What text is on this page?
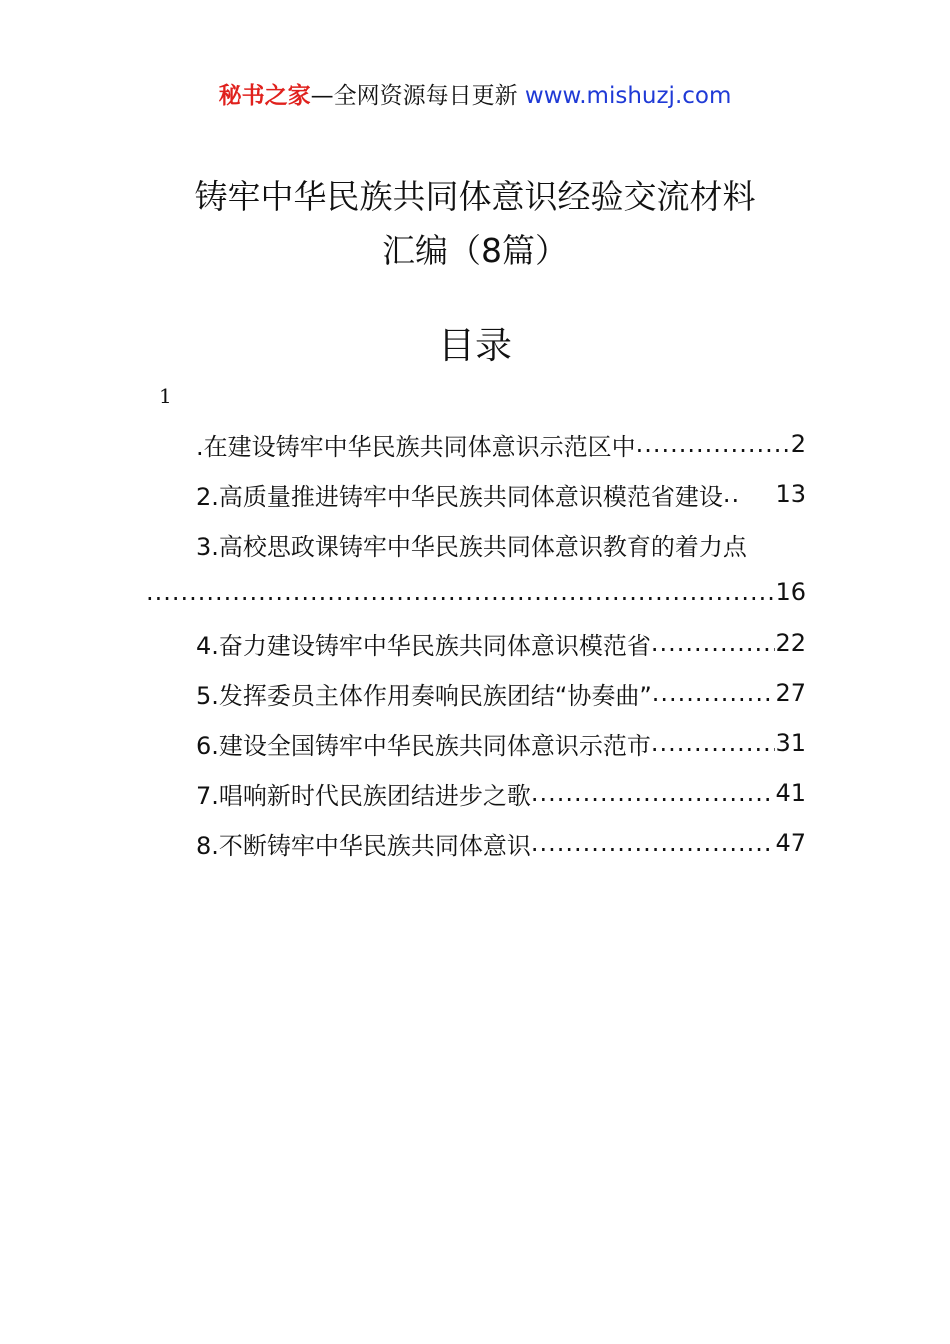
秘书之家—全网资源每日更新 www.mishuzj.com
铸牢中华民族共同体意识经验交流材料
汇编（8篇）
目录
1
.在建设铸牢中华民族共同体意识示范区中 .....	2
2.高质量推进铸牢中华民族共同体意识模范省建设 .. 13
3.高校思政课铸牢中华民族共同体意识教育的着力点
.....
16
4.奋力建设铸牢中华民族共同体意识模范省 .....	22
5.发挥委员主体作用奏响民族团结“协奏曲” .....	27
6.建设全国铸牢中华民族共同体意识示范市 .....	31
7.唱响新时代民族团结进步之歌 .....	41
8.不断铸牢中华民族共同体意识 .....	47
